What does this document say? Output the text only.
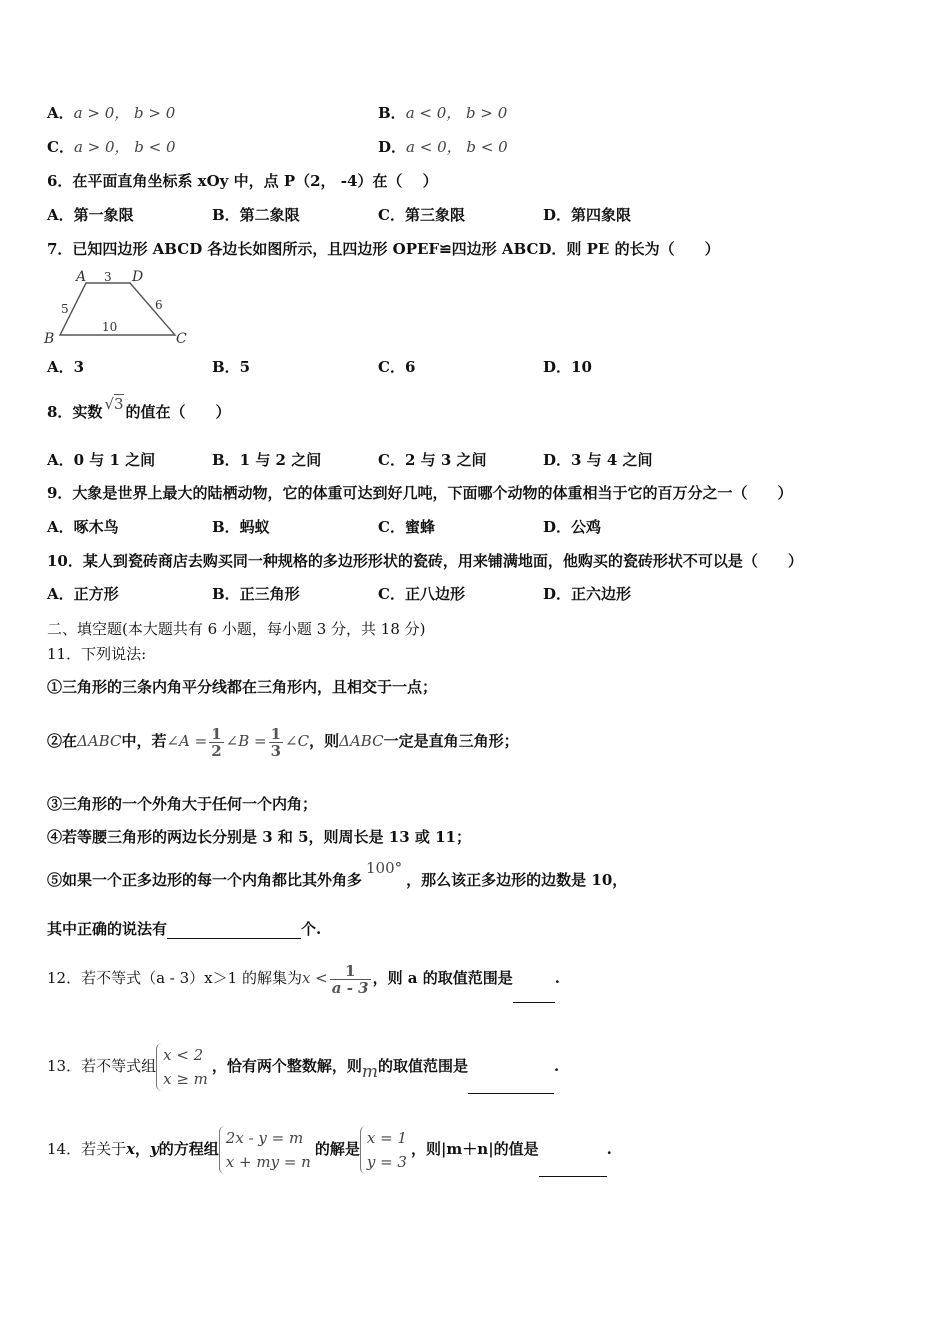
A．a > 0， b > 0	B．a < 0， b > 0
C．a > 0， b < 0	D．a < 0， b < 0
6．在平面直角坐标系 xOy 中，点 P（2， -4）在（　 ）
A．第一象限	B．第二象限	C．第三象限	D．第四象限
7．已知四边形 ABCD 各边长如图所示，且四边形 OPEF≌四边形 ABCD．则 PE 的长为（　　）
A	D
B	C
3
5	6
10
A．3	B．5	C．6	D．10
8．实数 √3 的值在（　　）
A．0 与 1 之间	B．1 与 2 之间	C．2 与 3 之间	D．3 与 4 之间
9．大象是世界上最大的陆栖动物，它的体重可达到好几吨，下面哪个动物的体重相当于它的百万分之一（　　）
A．啄木鸟	B．蚂蚁	C．蜜蜂	D．公鸡
10．某人到瓷砖商店去购买同一种规格的多边形形状的瓷砖，用来铺满地面，他购买的瓷砖形状不可以是（　　）
A．正方形	B．正三角形	C．正八边形	D．正六边形
二、填空题(本大题共有 6 小题，每小题 3 分，共 18 分)
11．下列说法:
①三角形的三条内角平分线都在三角形内，且相交于一点；
②在ΔABC中，若∠A = $\frac{1}{2}$ ∠B = $\frac{1}{3}$ ∠C，则ΔABC一定是直角三角形；
③三角形的一个外角大于任何一个内角；
④若等腰三角形的两边长分别是 3 和 5，则周长是 13 或 11；
⑤如果一个正多边形的每一个内角都比其外角多100°，那么该正多边形的边数是 10，
其中正确的说法有	个.
12．若不等式（a - 3）x＞1 的解集为$x < \frac{1}{a - 3}$ ，则 a 的取值范围是	.
13．若不等式组
x < 2
x ≥ m
，恰有两个整数解，则m的取值范围是	.
14．若关于x，y的方程组
2x - y = m
x + my = n
的解是
x = 1
y = 3
，则|m＋n|的值是	.
